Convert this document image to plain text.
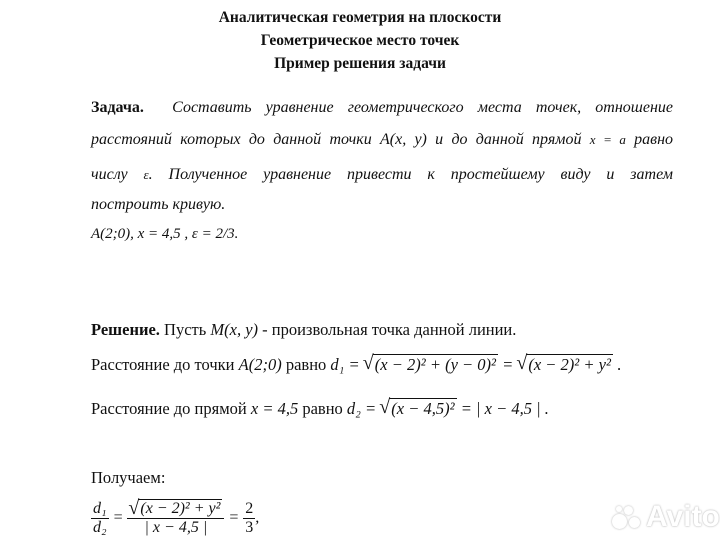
Аналитическая геометрия на плоскости
Геометрическое место точек
Пример решения задачи
Задача. Составить уравнение геометрического места точек, отношение
расстояний которых до данной точки A(x, y) и до данной прямой x = a равно
числу ε. Полученное уравнение привести к простейшему виду и затем
построить кривую.
A(2;0), x = 4,5 , ε = 2/3.
Решение. Пусть M(x, y) - произвольная точка данной линии.
Расстояние до точки A(2;0) равно d₁ = √ (x − 2)² + (y − 0)² = √ (x − 2)² + y² .
Расстояние до прямой x = 4,5 равно d₂ = √ (x − 4,5)² = | x − 4,5 | .
Получаем:
$\frac{\text{d₁}}{\text{d₂}}$ = √ $\frac{\text{(x − 2)² + y²}}{| x - 4,5 |} = \frac{2}{3}$ ,	Avito
